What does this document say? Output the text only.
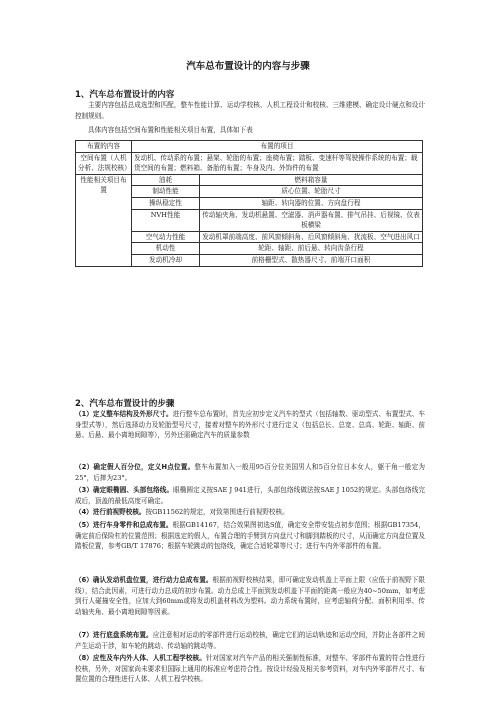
汽车总布置设计的内容与步骤
1、汽车总布置设计的内容
主要内容包括总成选型和匹配，整车性能计算、运动学校核、人机工程设计和校核、三维建模、确定设计硬点和设计控制规则。
具体内容包括空间布置和性能相关项目布置，具体如下表
布置的内容	布置的项目	
空间布置（人机分析、法规校核）	发动机、传动系的布置；悬架、轮胎的布置；座椅布置；踏板、变速杆等驾驶操作系统的布置；载货空间的布置；燃料箱、备胎的布置；车身及内、外饰件的布置	
性能相关项目布置	油耗	燃料箱容量
	制动性能	质心位置、轮胎尺寸
	操纵稳定性	轴距、转向器的位置、方向盘行程
	NVH性能	传动轴夹角、发动机悬置、空滤器、消声器布置、排气吊挂、后视镜、仪表板横梁
	空气动力性能	发动机罩前端高度、前风窗倾斜角、后风窗倾斜角、扰流板、空气进出风口
	机动性	轮距、轴距、前后悬、转向齿条行程
	发动机冷却	前格栅型式、散热器尺寸、前端开口面积
2、汽车总布置设计的步骤
（1）定义整车结构及外形尺寸。进行整车总布置时，首先应初步定义汽车的型式（包括轴数、驱动型式、布置型式、车身型式等），然后选择动力及轮胎型号尺寸，接着对整车的外形尺寸进行定义（包括总长、总宽、总高、轮距、轴距、前悬、后悬、最小离地间隙等），另外还需确定汽车的质量参数
（2）确定假人百分位，定义H点位置。整车布置加入一般用95百分位美国男人和5百分位日本女人，躯干角一般定为25°，后摔为23°。
（3）确定眼椭圆、头部包络线。眼椭圆定义按SAE J 941进行，头部包络线做法按SAE J 1052的规定。头部包络线完成后，顶盖的最低高度可确定。
（4）进行前视野校核。按GB11562的规定，对致第围进行前视野校核。
（5）进行车身零件和总成布置。根据GB14167，结合效果图初选S值，确定安全带安装点初步范围；根据GB17354，确定前后保险杠的位置范围；根据选定的假人，布置合理的手臂到方向盘尺寸和脚到踏板的尺寸，从而确定方向盘位置及踏板位置，参考GB/T 17876；根据车轮跳动的包络线，确定合适轮罩等尺寸；进行车内外零部件的布置。
（6）确认发动机盘位置，进行动力总成布置。根据前视野校核结果，即可确定发动机盖上平面上限（应低于前视野下限线），结合此因素，可进行动力总成的初步布置。动力总成上平面到发动机盖下平面的距离一般应为40~50mm，如考虑到行人碰撞安全性，应加大到60mm或将发动机盖材料改为塑料。动力系统布置时，应考虑轴荷分配、面积利用率、传动轴夹角、最小离地间隙等因素。
（7）进行底盘系统布置。应注意相对运动的零部件进行运动校核，确定它们的运动轨迹和运动空间，并防止各部件之间产生运动干涉，如车轮的跳动、传动轴的跳动等。
（8）应性及车内外人体、人机工程学校核。针对国家对汽车产品的相关强制性标准，对整车、零部件布置的符合性进行校核，另外，对国家尚未要求但国际上通用的标准应考虑符合性。按设计经验及相关参考资料，对车内外零部件尺寸、布置位置的合理性进行人体、人机工程学校核。
